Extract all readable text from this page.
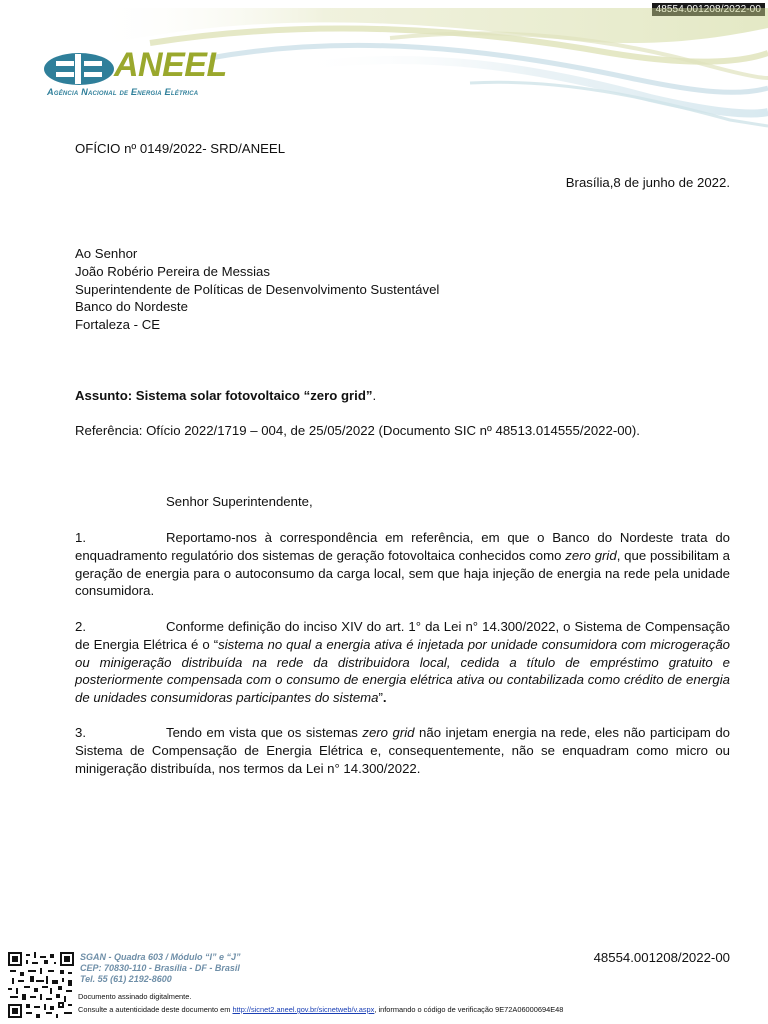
ANEEL
Agência Nacional de Energia Elétrica
OFÍCIO nº 0149/2022- SRD/ANEEL
Brasília,8 de junho de 2022.
Ao Senhor
João Robério Pereira de Messias
Superintendente de Políticas de Desenvolvimento Sustentável
Banco do Nordeste
Fortaleza - CE
Assunto: Sistema solar fotovoltaico “zero grid”.
Referência: Ofício 2022/1719 – 004, de 25/05/2022 (Documento SIC nº 48513.014555/2022-00).
Senhor Superintendente,
1.	Reportamo-nos à correspondência em referência, em que o Banco do Nordeste trata do enquadramento regulatório dos sistemas de geração fotovoltaica conhecidos como zero grid, que possibilitam a geração de energia para o autoconsumo da carga local, sem que haja injeção de energia na rede pela unidade consumidora.
2.	Conforme definição do inciso XIV do art. 1° da Lei n° 14.300/2022, o Sistema de Compensação de Energia Elétrica é o “sistema no qual a energia ativa é injetada por unidade consumidora com microgeração ou minigeração distribuída na rede da distribuidora local, cedida a título de empréstimo gratuito e posteriormente compensada com o consumo de energia elétrica ativa ou contabilizada como crédito de energia de unidades consumidoras participantes do sistema”.
3.	Tendo em vista que os sistemas zero grid não injetam energia na rede, eles não participam do Sistema de Compensação de Energia Elétrica e, consequentemente, não se enquadram como micro ou minigeração distribuída, nos termos da Lei n° 14.300/2022.
SGAN - Quadra 603 / Módulo “I” e “J”
CEP: 70830-110 - Brasília - DF - Brasil
Tel. 55 (61) 2192-8600
48554.001208/2022-00
Documento assinado digitalmente.
Consulte a autenticidade deste documento em http://sicnet2.aneel.gov.br/sicnetweb/v.aspx, informando o código de verificação 9E72A06000694E48
